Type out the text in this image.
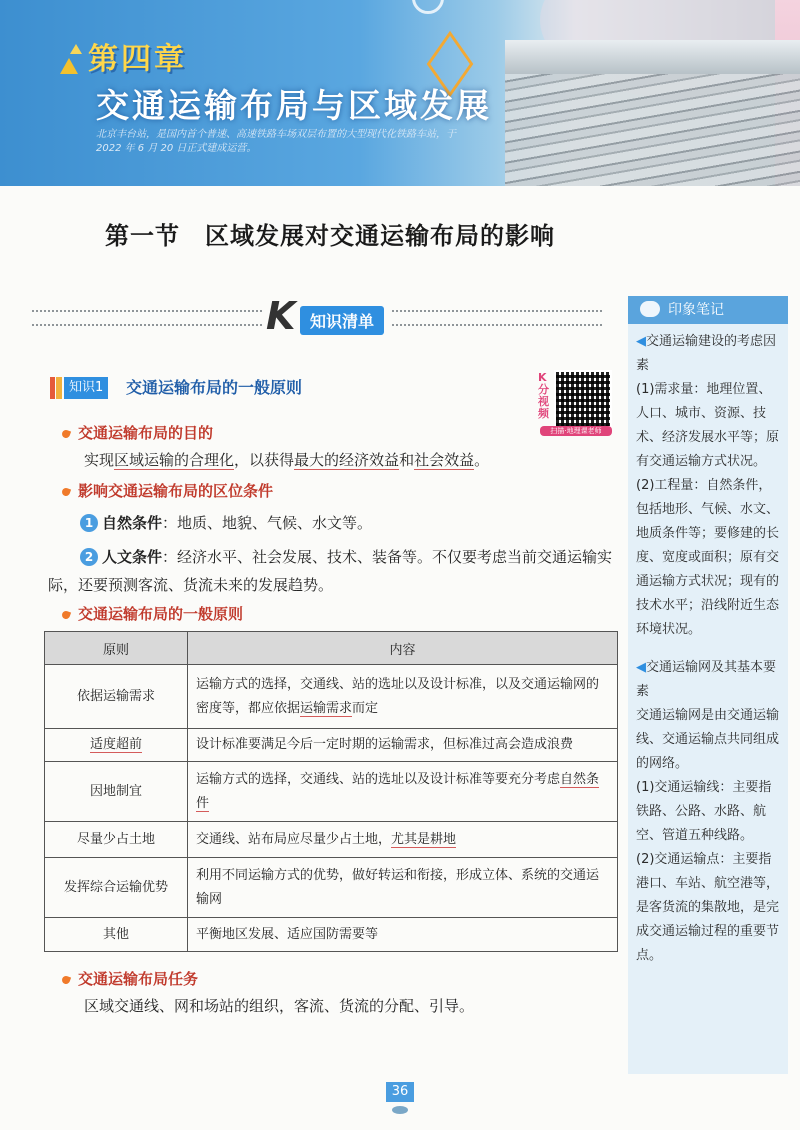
第四章
交通运输布局与区域发展
北京丰台站，是国内首个普速、高速铁路车场双层布置的大型现代化铁路车站，于 2022 年 6 月 20 日正式建成运营。
第一节　区域发展对交通运输布局的影响
K 知识清单
知识1	交通运输布局的一般原则
K分视频
扫描·地理课老师
交通运输布局的目的
实现区域运输的合理化，以获得最大的经济效益和社会效益。
影响交通运输布局的区位条件
1 自然条件：地质、地貌、气候、水文等。
2 人文条件：经济水平、社会发展、技术、装备等。不仅要考虑当前交通运输实际，还要预测客流、货流未来的发展趋势。
交通运输布局的一般原则
原则	内容
依据运输需求	运输方式的选择，交通线、站的选址以及设计标准，以及交通运输网的密度等，都应依据运输需求而定
适度超前	设计标准要满足今后一定时期的运输需求，但标准过高会造成浪费
因地制宜	运输方式的选择，交通线、站的选址以及设计标准等要充分考虑自然条件
尽量少占土地	交通线、站布局应尽量少占土地，尤其是耕地
发挥综合运输优势	利用不同运输方式的优势，做好转运和衔接，形成立体、系统的交通运输网
其他	平衡地区发展、适应国防需要等
交通运输布局任务
区域交通线、网和场站的组织，客流、货流的分配、引导。
印象笔记

◀交通运输建设的考虑因素

(1)需求量：地理位置、人口、城市、资源、技术、经济发展水平等；原有交通运输方式状况。

(2)工程量：自然条件，包括地形、气候、水文、地质条件等；要修建的长度、宽度或面积；原有交通运输方式状况；现有的技术水平；沿线附近生态环境状况。

◀交通运输网及其基本要素

交通运输网是由交通运输线、交通运输点共同组成的网络。

(1)交通运输线：主要指铁路、公路、水路、航空、管道五种线路。

(2)交通运输点：主要指港口、车站、航空港等，是客货流的集散地，是完成交通运输过程的重要节点。

36
